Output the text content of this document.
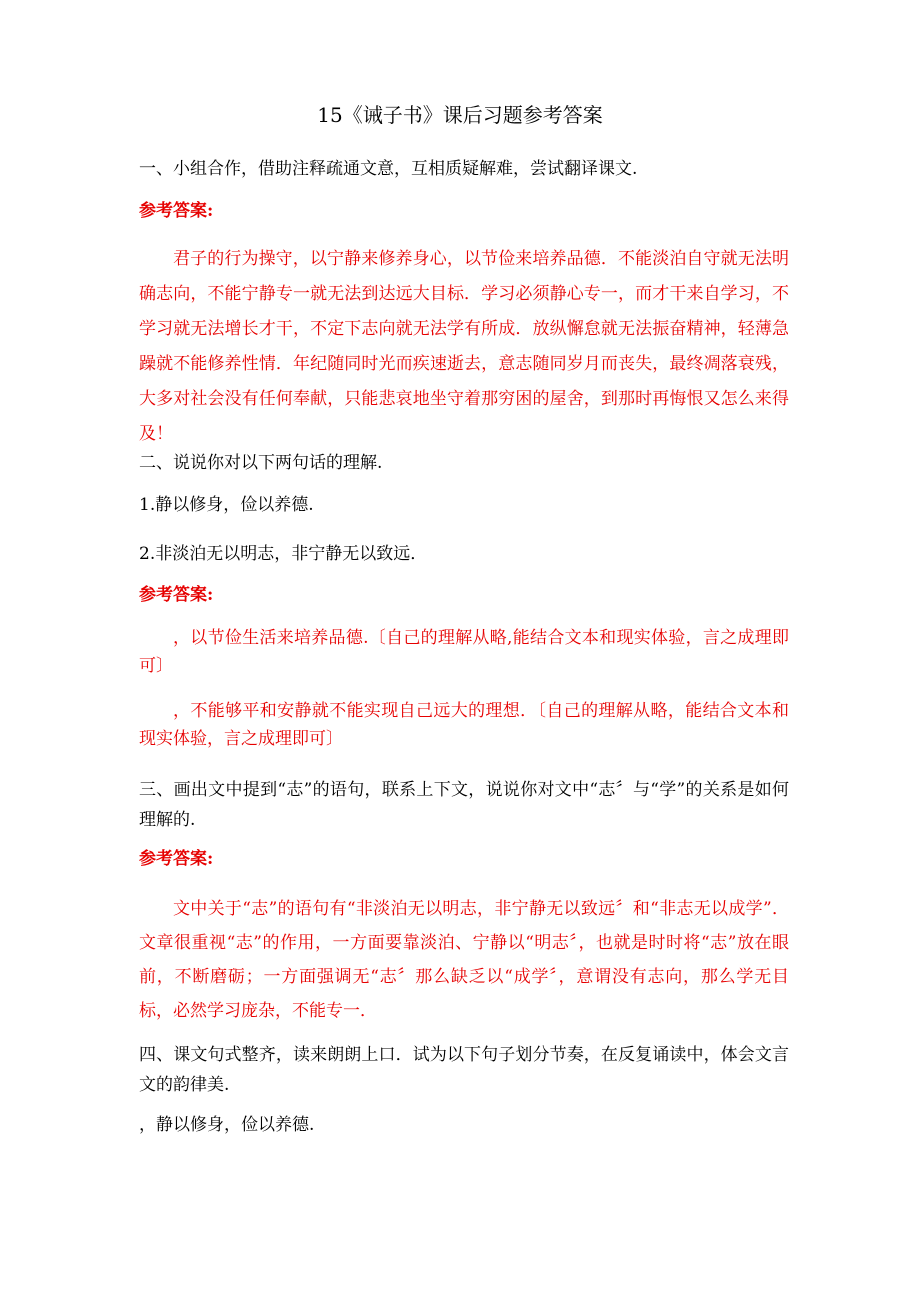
15《诫子书》课后习题参考答案
一、小组合作，借助注释疏通文意，互相质疑解难，尝试翻译课文.
参考答案:
君子的行为操守，以宁静来修养身心，以节俭来培养品德．不能淡泊自守就无法明确志向，不能宁静专一就无法到达远大目标．学习必须静心专一，而才干来自学习，不学习就无法增长才干，不定下志向就无法学有所成．放纵懈怠就无法振奋精神，轻薄急躁就不能修养性情．年纪随同时光而疾速逝去，意志随同岁月而丧失，最终凋落衰残，大多对社会没有任何奉献，只能悲哀地坐守着那穷困的屋舍，到那时再悔恨又怎么来得及！
二、说说你对以下两句话的理解.
1.静以修身，俭以养德.
2.非淡泊无以明志，非宁静无以致远．
参考答案:
，以节俭生活来培养品德.〔自己的理解从略,能结合文本和现实体验，言之成理即可〕
，不能够平和安静就不能实现自己远大的理想．〔自己的理解从略，能结合文本和现实体验，言之成理即可〕
三、画出文中提到“志”的语句，联系上下文，说说你对文中“志〞与“学”的关系是如何理解的.
参考答案:
文中关于“志”的语句有“非淡泊无以明志，非宁静无以致远〞和“非志无以成学”．文章很重视“志”的作用，一方面要靠淡泊、宁静以“明志〞，也就是时时将“志”放在眼前，不断磨砺；一方面强调无“志〞那么缺乏以“成学〞，意谓没有志向，那么学无目标，必然学习庞杂，不能专一．
四、课文句式整齐，读来朗朗上口．试为以下句子划分节奏，在反复诵读中，体会文言文的韵律美.
，静以修身，俭以养德.
